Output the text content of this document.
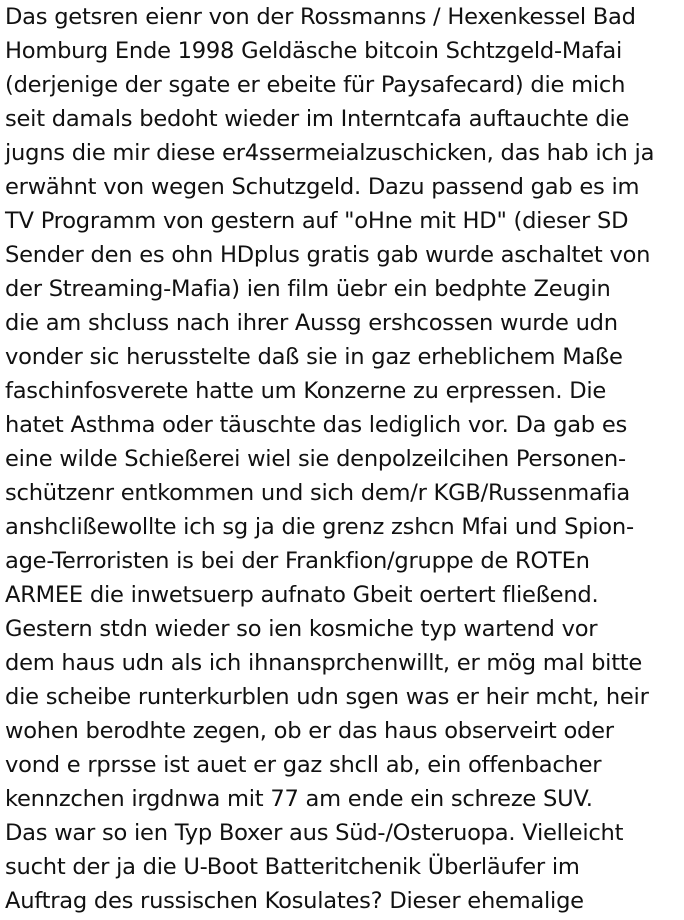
Das getsren eienr von der Rossmanns / Hexenkessel Bad

Homburg Ende 1998 Geldäsche bitcoin Schtzgeld-Mafai

(derjenige der sgate er ebeite für Paysafecard) die mich

seit damals bedoht wieder im Interntcafa auftauchte die

jugns die mir diese er4ssermeialzuschicken, das hab ich ja

erwähnt von wegen Schutzgeld. Dazu passend gab es im

TV Programm von gestern auf "oHne mit HD" (dieser SD

Sender den es ohn HDplus gratis gab wurde aschaltet von

der Streaming-Mafia) ien film üebr ein bedphte Zeugin

die am shcluss nach ihrer Aussg ershcossen wurde udn

vonder sic herusstelte daß sie in gaz erheblichem Maße

faschinfosverete hatte um Konzerne zu erpressen. Die

hatet Asthma oder täuschte das lediglich vor. Da gab es

eine wilde Schießerei wiel sie denpolzeilcihen Personen-

schützenr entkommen und sich dem/r KGB/Russenmafia

anshclißewollte ich sg ja die grenz zshcn Mfai und Spion-

age-Terroristen is bei der Frankfion/gruppe de ROTEn

ARMEE die inwetsuerp aufnato Gbeit oertert fließend.

Gestern stdn wieder so ien kosmiche typ wartend vor

dem haus udn als ich ihnansprchenwillt, er mög mal bitte

die scheibe runterkurblen udn sgen was er heir mcht, heir

wohen berodhte zegen, ob er das haus observeirt oder

vond e rprsse ist auet er gaz shcll ab, ein offenbacher

kennzchen irgdnwa mit 77 am ende ein schreze SUV.

Das war so ien Typ Boxer aus Süd-/Osteruopa. Vielleicht

sucht der ja die U-Boot Batteritchenik Überläufer im

Auftrag des russischen Kosulates? Dieser ehemalige
